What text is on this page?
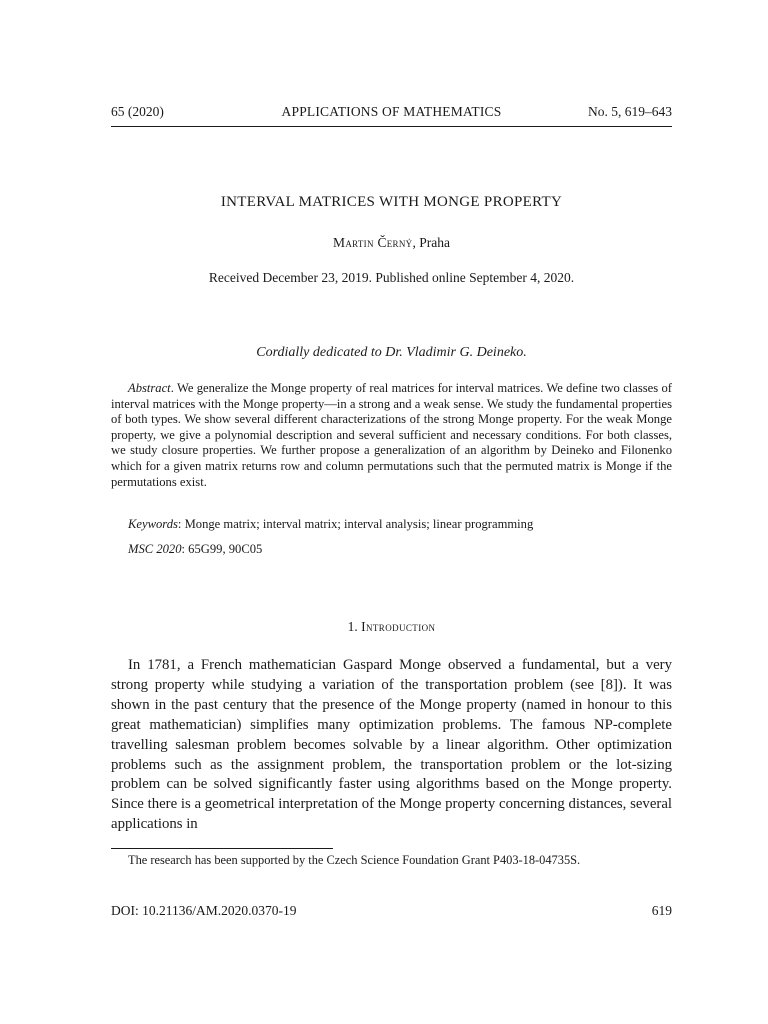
65 (2020)	APPLICATIONS OF MATHEMATICS	No. 5, 619–643
INTERVAL MATRICES WITH MONGE PROPERTY
Martin Černý, Praha
Received December 23, 2019. Published online September 4, 2020.
Cordially dedicated to Dr. Vladimir G. Deineko.
Abstract. We generalize the Monge property of real matrices for interval matrices. We define two classes of interval matrices with the Monge property—in a strong and a weak sense. We study the fundamental properties of both types. We show several different characterizations of the strong Monge property. For the weak Monge property, we give a polynomial description and several sufficient and necessary conditions. For both classes, we study closure properties. We further propose a generalization of an algorithm by Deineko and Filonenko which for a given matrix returns row and column permutations such that the permuted matrix is Monge if the permutations exist.
Keywords: Monge matrix; interval matrix; interval analysis; linear programming
MSC 2020: 65G99, 90C05
1. Introduction
In 1781, a French mathematician Gaspard Monge observed a fundamental, but a very strong property while studying a variation of the transportation problem (see [8]). It was shown in the past century that the presence of the Monge property (named in honour to this great mathematician) simplifies many optimization problems. The famous NP-complete travelling salesman problem becomes solvable by a linear algorithm. Other optimization problems such as the assignment problem, the transportation problem or the lot-sizing problem can be solved significantly faster using algorithms based on the Monge property. Since there is a geometrical interpretation of the Monge property concerning distances, several applications in
The research has been supported by the Czech Science Foundation Grant P403-18-04735S.
DOI: 10.21136/AM.2020.0370-19	619
